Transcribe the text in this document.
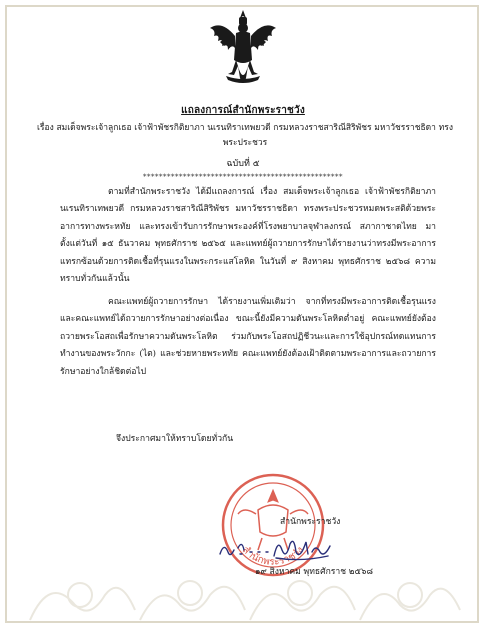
แถลงการณ์สำนักพระราชวัง
เรื่อง สมเด็จพระเจ้าลูกเธอ เจ้าฟ้าพัชรกิติยาภา นเรนทิราเทพยวดี กรมหลวงราชสาริณีสิริพัชร มหาวัชรราชธิดา ทรงพระประชวร
ฉบับที่ ๕
**************************************************

ตามที่สำนักพระราชวัง ได้มีแถลงการณ์ เรื่อง สมเด็จพระเจ้าลูกเธอ เจ้าฟ้าพัชรกิติยาภา นเรนทิราเทพยวดี กรมหลวงราชสาริณีสิริพัชร มหาวัชรราชธิดา ทรงพระประชวรหมดพระสติด้วยพระอาการทางพระหทัย และทรงเข้ารับการรักษาพระองค์ที่โรงพยาบาลจุฬาลงกรณ์ สภากาชาดไทย มาตั้งแต่วันที่ ๑๕ ธันวาคม พุทธศักราช ๒๕๖๕ และแพทย์ผู้ถวายการรักษาได้รายงานว่าทรงมีพระอาการแทรกซ้อนด้วยการติดเชื้อที่รุนแรงในพระกระแสโลหิต ในวันที่ ๙ สิงหาคม พุทธศักราช ๒๕๖๘ ความทราบทั่วกันแล้วนั้น

คณะแพทย์ผู้ถวายการรักษา ได้รายงานเพิ่มเติมว่า จากที่ทรงมีพระอาการติดเชื้อรุนแรง และคณะแพทย์ได้ถวายการรักษาอย่างต่อเนื่อง ขณะนี้ยังมีความดันพระโลหิตต่ำอยู่ คณะแพทย์ยังต้องถวายพระโอสถเพื่อรักษาความดันพระโลหิต ร่วมกับพระโอสถปฏิชีวนะและการใช้อุปกรณ์ทดแทนการทำงานของพระวักกะ (ไต) และช่วยหายพระหทัย คณะแพทย์ยังต้องเฝ้าติดตามพระอาการและถวายการรักษาอย่างใกล้ชิดต่อไป

จึงประกาศมาให้ทราบโดยทั่วกัน

สำนักพระราชวัง
สำนักพระราชวัง
๑๙ สิงหาคม พุทธศักราช ๒๕๖๘
